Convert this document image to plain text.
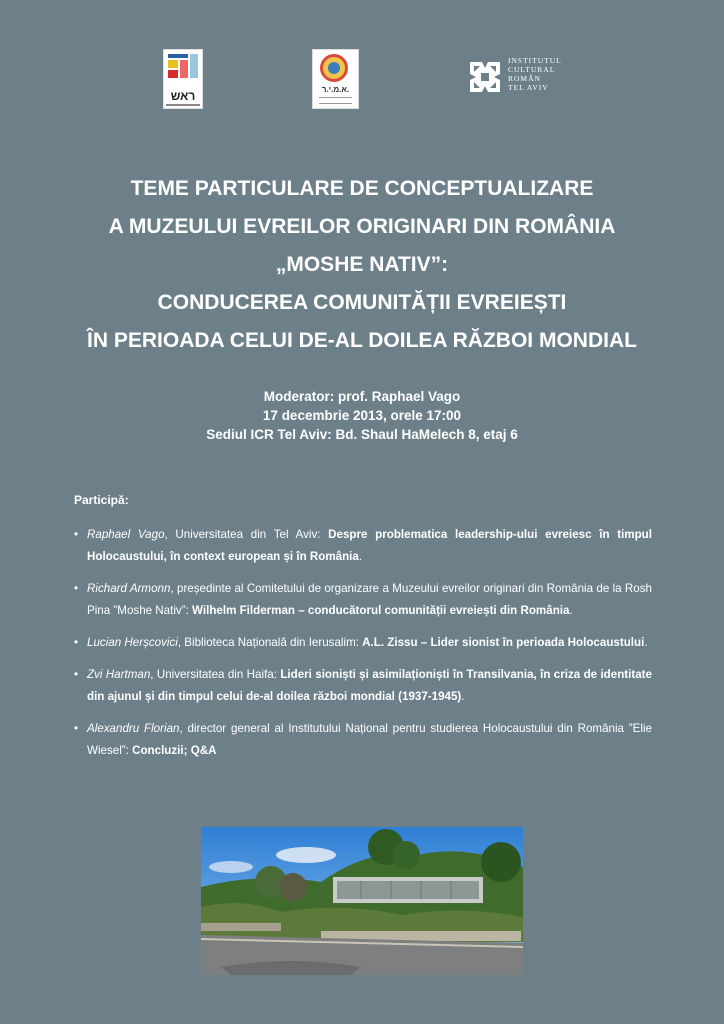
ראש	א.מ.י.ר.
INSTITUTUL
CULTURAL
ROMÂN
TEL AVIV
TEME PARTICULARE DE CONCEPTUALIZARE
A MUZEULUI EVREILOR ORIGINARI DIN ROMÂNIA
„MOSHE NATIV”:
CONDUCEREA COMUNITĂȚII EVREIEȘTI
ÎN PERIOADA CELUI DE-AL DOILEA RĂZBOI MONDIAL
Moderator: prof. Raphael Vago
17 decembrie 2013, orele 17:00
Sediul ICR Tel Aviv: Bd. Shaul HaMelech 8, etaj 6
Participă:
• Raphael Vago, Universitatea din Tel Aviv: Despre problematica leadership-ului evreiesc în timpul Holocaustului, în context european și în România.
• Richard Armonn, președinte al Comitetului de organizare a Muzeului evreilor originari din România de la Rosh Pina ”Moshe Nativ”: Wilhelm Filderman – conducătorul comunității evreiești din România.
• Lucian Herșcovici, Biblioteca Națională din Ierusalim: A.L. Zissu – Lider sionist în perioada Holocaustului.
• Zvi Hartman, Universitatea din Haifa: Lideri sioniști și asimilaționiști în Transilvania, în criza de identitate din ajunul și din timpul celui de-al doilea război mondial (1937-1945).
• Alexandru Florian, director general al Institutului Național pentru studierea Holocaustului din România ”Elie Wiesel”: Concluzii; Q&A
